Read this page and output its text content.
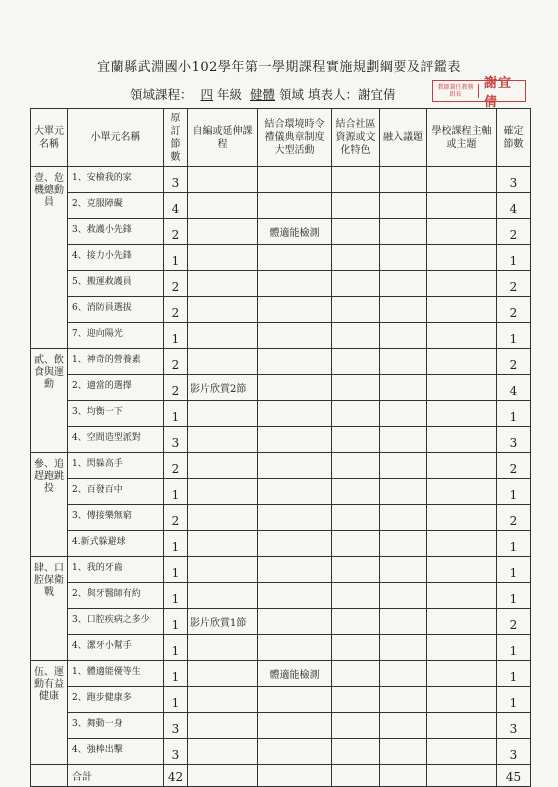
宜蘭縣武淵國小102學年第一學期課程實施規劃綱要及評鑑表
領域課程： 四 年級 健體 領域 填表人：謝宜倩	教師兼任教務組長
謝宜倩
大單元名稱	小單元名稱	原訂節數	自編或延伸課程	結合環境時令禮儀典章制度大型活動	結合社區資源或文化特色	融入議題	學校課程主軸或主題	確定節數
壹、危機總動員	1、安檢我的家	3						3
	2、克服障礙	4						4
	3、救護小先鋒	2		體適能檢測				2
	4、接力小先鋒	1						1
	5、搬運救護員	2						2
	6、消防員選拔	2						2
	7、迎向陽光	1						1
貳、飲食與運動	1、神奇的營養素	2						2
	2、適當的選擇	2	影片欣賞2節					4
	3、均衡一下	1						1
	4、空間造型派對	3						3
參、追趕跑跳投	1、閃躲高手	2						2
	2、百發百中	1						1
	3、傳接樂無窮	2						2
	4.新式躲避球	1						1
肆、口腔保衛戰	1、我的牙齒	1						1
	2、與牙醫師有約	1						1
	3、口腔疾病之多少	1	影片欣賞1節					2
	4、潔牙小幫手	1						1
伍、運動有益健康	1、體適能優等生	1		體適能檢測				1
	2、跑步健康多	1						1
	3、舞動一身	3						3
	4、強棒出擊	3						3
	合計	42						45
